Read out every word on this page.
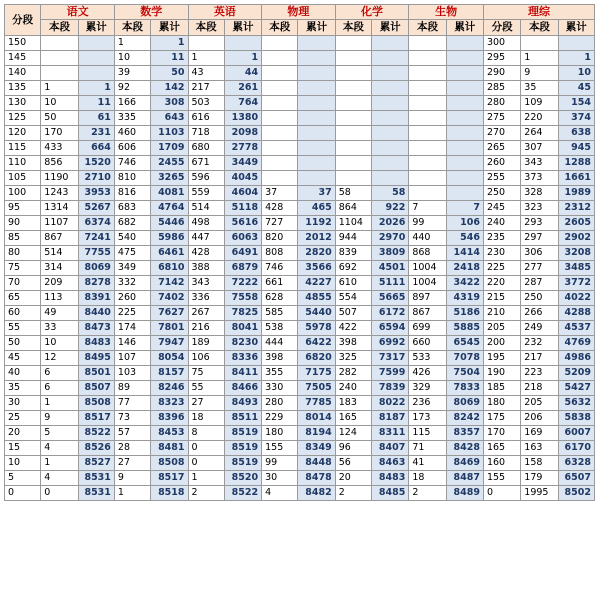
分段	语文		数学		英语		物理		化学		生物		理综		
	本段	累计	本段	累计	本段	累计	本段	累计	本段	累计	本段	累计	分段	本段	累计
150			1	1									300		
145			10	11	1	1							295	1	1
140			39	50	43	44							290	9	10
135	1	1	92	142	217	261							285	35	45
130	10	11	166	308	503	764							280	109	154
125	50	61	335	643	616	1380							275	220	374
120	170	231	460	1103	718	2098							270	264	638
115	433	664	606	1709	680	2778							265	307	945
110	856	1520	746	2455	671	3449							260	343	1288
105	1190	2710	810	3265	596	4045							255	373	1661
100	1243	3953	816	4081	559	4604	37	37	58	58			250	328	1989
95	1314	5267	683	4764	514	5118	428	465	864	922	7	7	245	323	2312
90	1107	6374	682	5446	498	5616	727	1192	1104	2026	99	106	240	293	2605
85	867	7241	540	5986	447	6063	820	2012	944	2970	440	546	235	297	2902
80	514	7755	475	6461	428	6491	808	2820	839	3809	868	1414	230	306	3208
75	314	8069	349	6810	388	6879	746	3566	692	4501	1004	2418	225	277	3485
70	209	8278	332	7142	343	7222	661	4227	610	5111	1004	3422	220	287	3772
65	113	8391	260	7402	336	7558	628	4855	554	5665	897	4319	215	250	4022
60	49	8440	225	7627	267	7825	585	5440	507	6172	867	5186	210	266	4288
55	33	8473	174	7801	216	8041	538	5978	422	6594	699	5885	205	249	4537
50	10	8483	146	7947	189	8230	444	6422	398	6992	660	6545	200	232	4769
45	12	8495	107	8054	106	8336	398	6820	325	7317	533	7078	195	217	4986
40	6	8501	103	8157	75	8411	355	7175	282	7599	426	7504	190	223	5209
35	6	8507	89	8246	55	8466	330	7505	240	7839	329	7833	185	218	5427
30	1	8508	77	8323	27	8493	280	7785	183	8022	236	8069	180	205	5632
25	9	8517	73	8396	18	8511	229	8014	165	8187	173	8242	175	206	5838
20	5	8522	57	8453	8	8519	180	8194	124	8311	115	8357	170	169	6007
15	4	8526	28	8481	0	8519	155	8349	96	8407	71	8428	165	163	6170
10	1	8527	27	8508	0	8519	99	8448	56	8463	41	8469	160	158	6328
5	4	8531	9	8517	1	8520	30	8478	20	8483	18	8487	155	179	6507
0	0	8531	1	8518	2	8522	4	8482	2	8485	2	8489	0	1995	8502
